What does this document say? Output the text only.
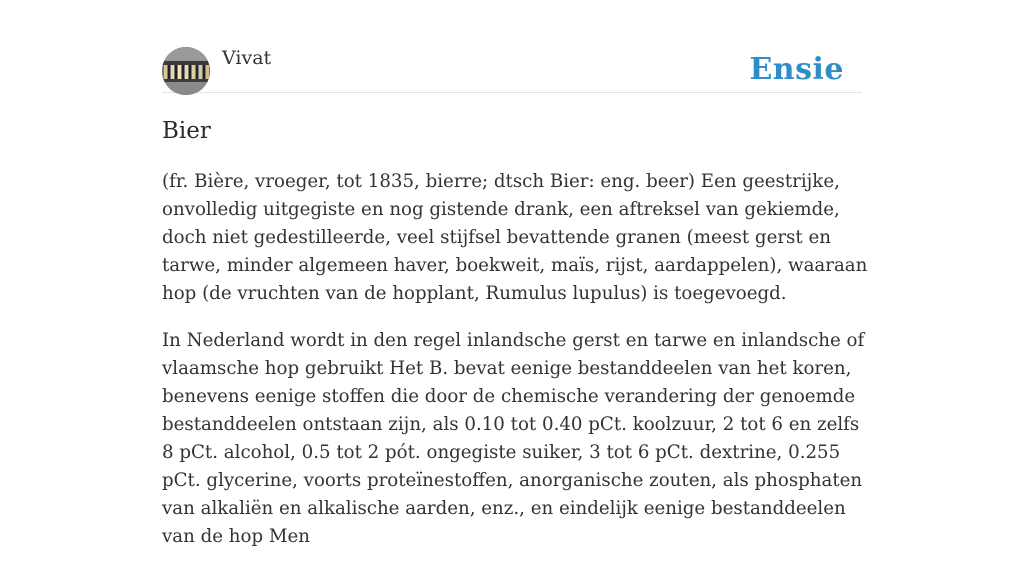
Vivat	Ensie
Bier

(fr. Bière, vroeger, tot 1835, bierre; dtsch Bier: eng. beer) Een geestrijke, onvolledig uitgegiste en nog gistende drank, een aftreksel van gekiemde, doch niet gedestilleerde, veel stijfsel bevattende granen (meest gerst en tarwe, minder algemeen haver, boekweit, maïs, rijst, aardappelen), waaraan hop (de vruchten van de hopplant, Rumulus lupulus) is toegevoegd.

In Nederland wordt in den regel inlandsche gerst en tarwe en inlandsche of vlaamsche hop gebruikt Het B. bevat eenige bestanddeelen van het koren, benevens eenige stoffen die door de chemische verandering der genoemde bestanddeelen ontstaan zijn, als 0.10 tot 0.40 pCt. koolzuur, 2 tot 6 en zelfs 8 pCt. alcohol, 0.5 tot 2 pót. ongegiste suiker, 3 tot 6 pCt. dextrine, 0.255 pCt. glycerine, voorts proteïnestoffen, anorganische zouten, als phosphaten van alkaliën en alkalische aarden, enz., en eindelijk eenige bestanddeelen van de hop Men
